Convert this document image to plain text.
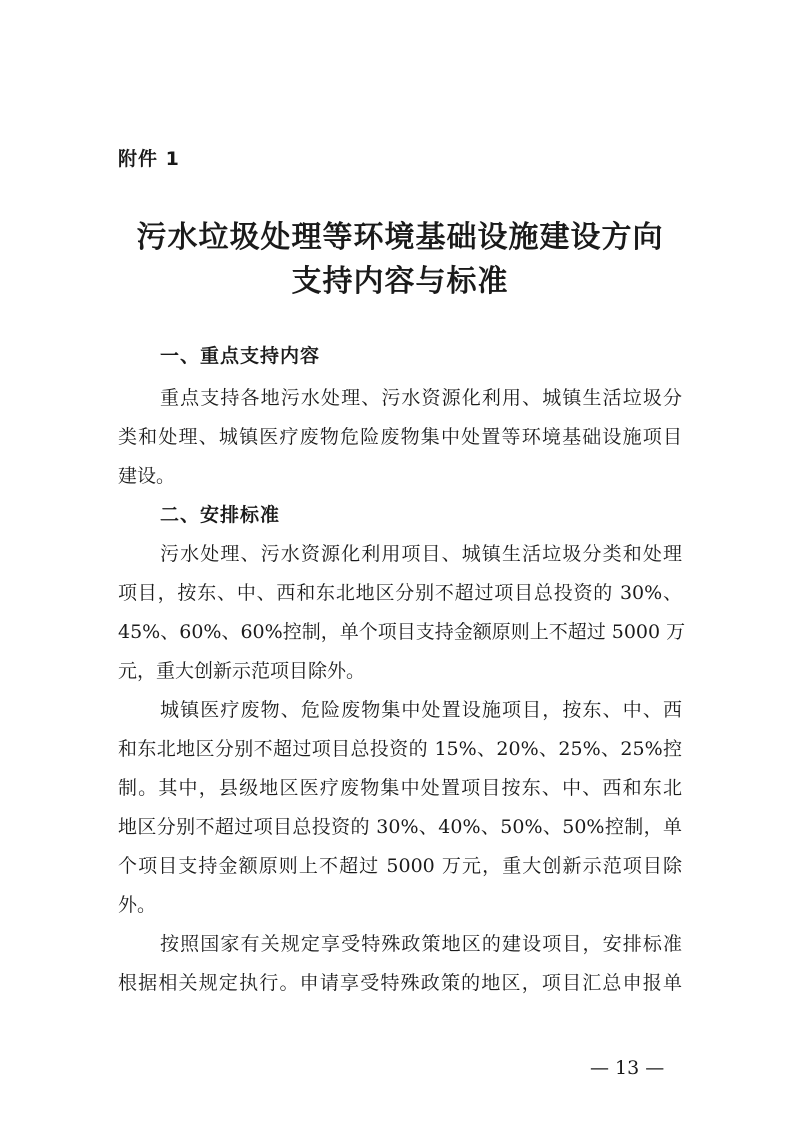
附件 1
污水垃圾处理等环境基础设施建设方向
支持内容与标准
一、重点支持内容
重点支持各地污水处理、污水资源化利用、城镇生活垃圾分
类和处理、城镇医疗废物危险废物集中处置等环境基础设施项目
建设。
二、安排标准
污水处理、污水资源化利用项目、城镇生活垃圾分类和处理
项目，按东、中、西和东北地区分别不超过项目总投资的 30%、
45%、60%、60%控制，单个项目支持金额原则上不超过 5000 万
元，重大创新示范项目除外。
城镇医疗废物、危险废物集中处置设施项目，按东、中、西
和东北地区分别不超过项目总投资的 15%、20%、25%、25%控
制。其中，县级地区医疗废物集中处置项目按东、中、西和东北
地区分别不超过项目总投资的 30%、40%、50%、50%控制，单
个项目支持金额原则上不超过 5000 万元，重大创新示范项目除
外。
按照国家有关规定享受特殊政策地区的建设项目，安排标准
根据相关规定执行。申请享受特殊政策的地区，项目汇总申报单
— 13 —
